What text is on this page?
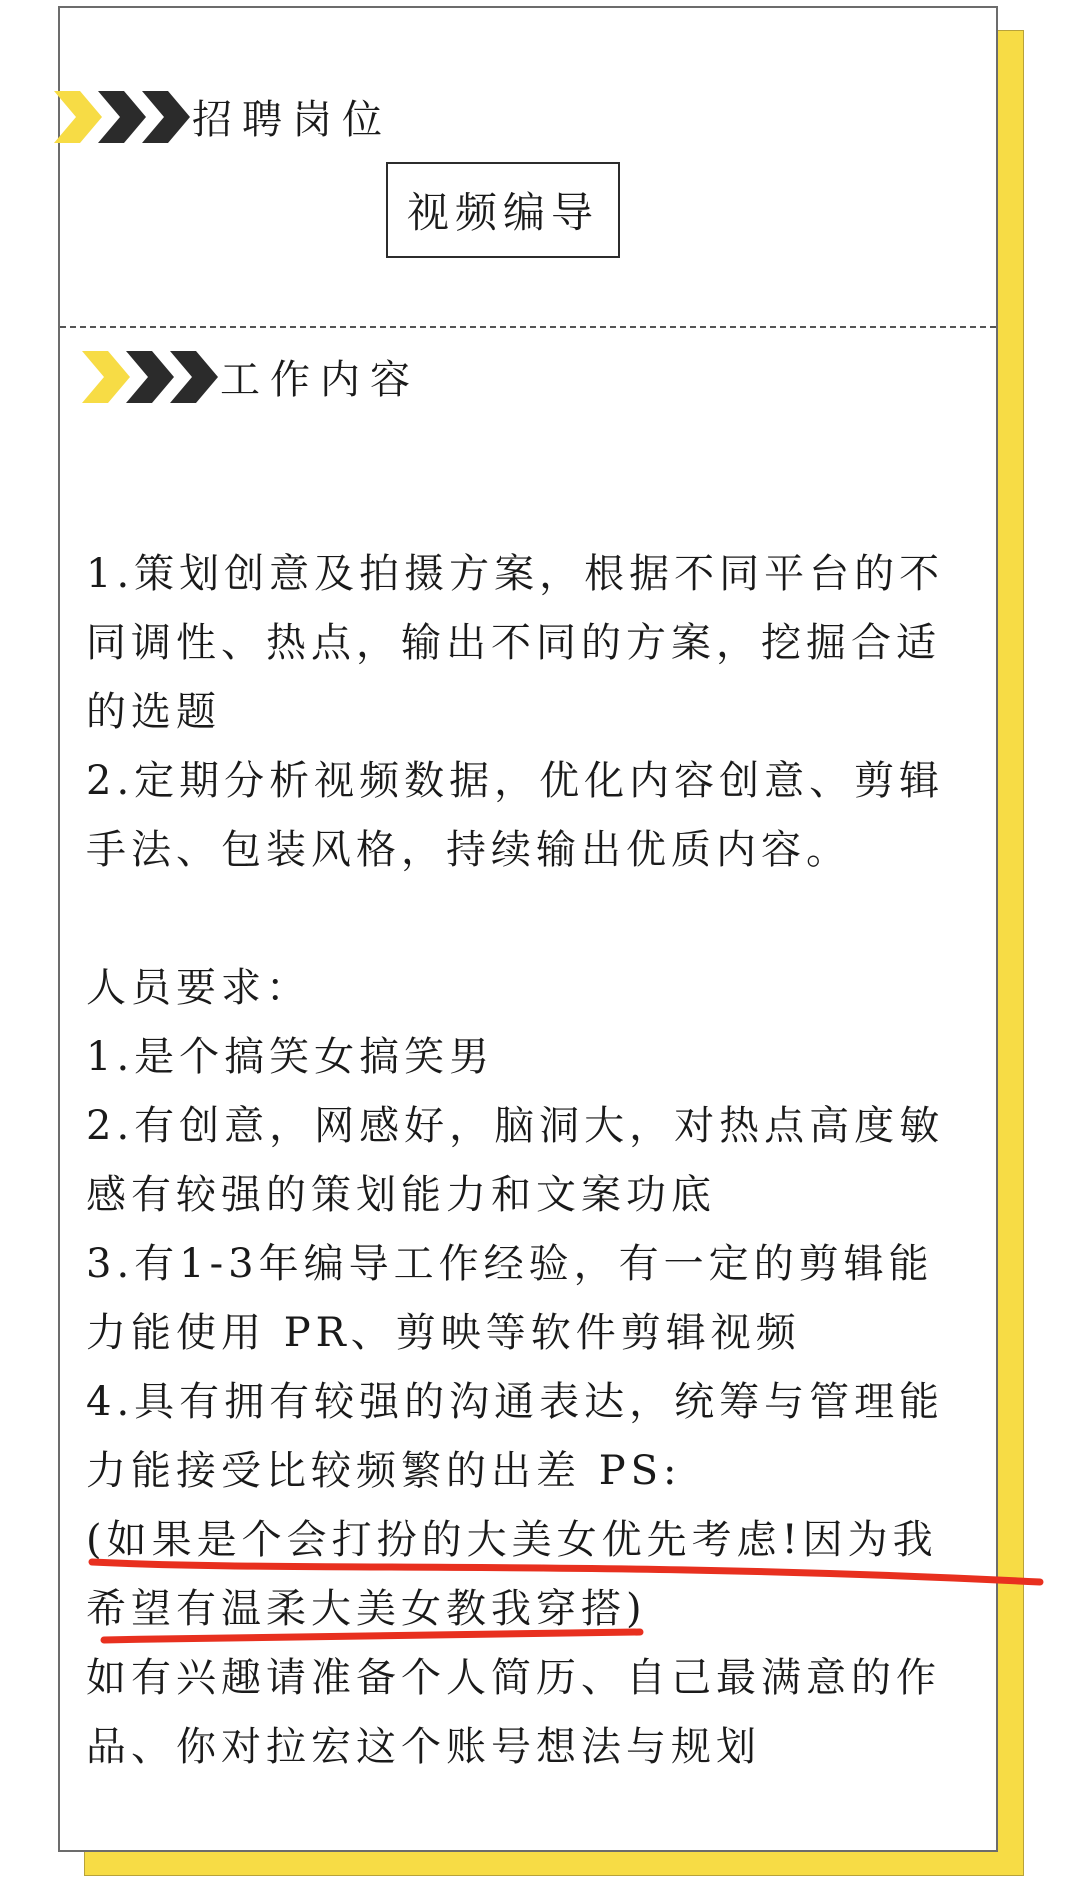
招聘岗位
视频编导
工作内容

1.策划创意及拍摄方案，根据不同平台的不同调性、热点，输出不同的方案，挖掘合适的选题

2.定期分析视频数据，优化内容创意、剪辑手法、包装风格，持续输出优质内容。

人员要求：

1.是个搞笑女搞笑男

2.有创意，网感好，脑洞大，对热点高度敏感有较强的策划能力和文案功底

3.有1-3年编导工作经验，有一定的剪辑能力能使用 PR、剪映等软件剪辑视频

4.具有拥有较强的沟通表达，统筹与管理能力能接受比较频繁的出差 PS:

(如果是个会打扮的大美女优先考虑!因为我希望有温柔大美女教我穿搭)

如有兴趣请准备个人简历、自己最满意的作品、你对拉宏这个账号想法与规划
